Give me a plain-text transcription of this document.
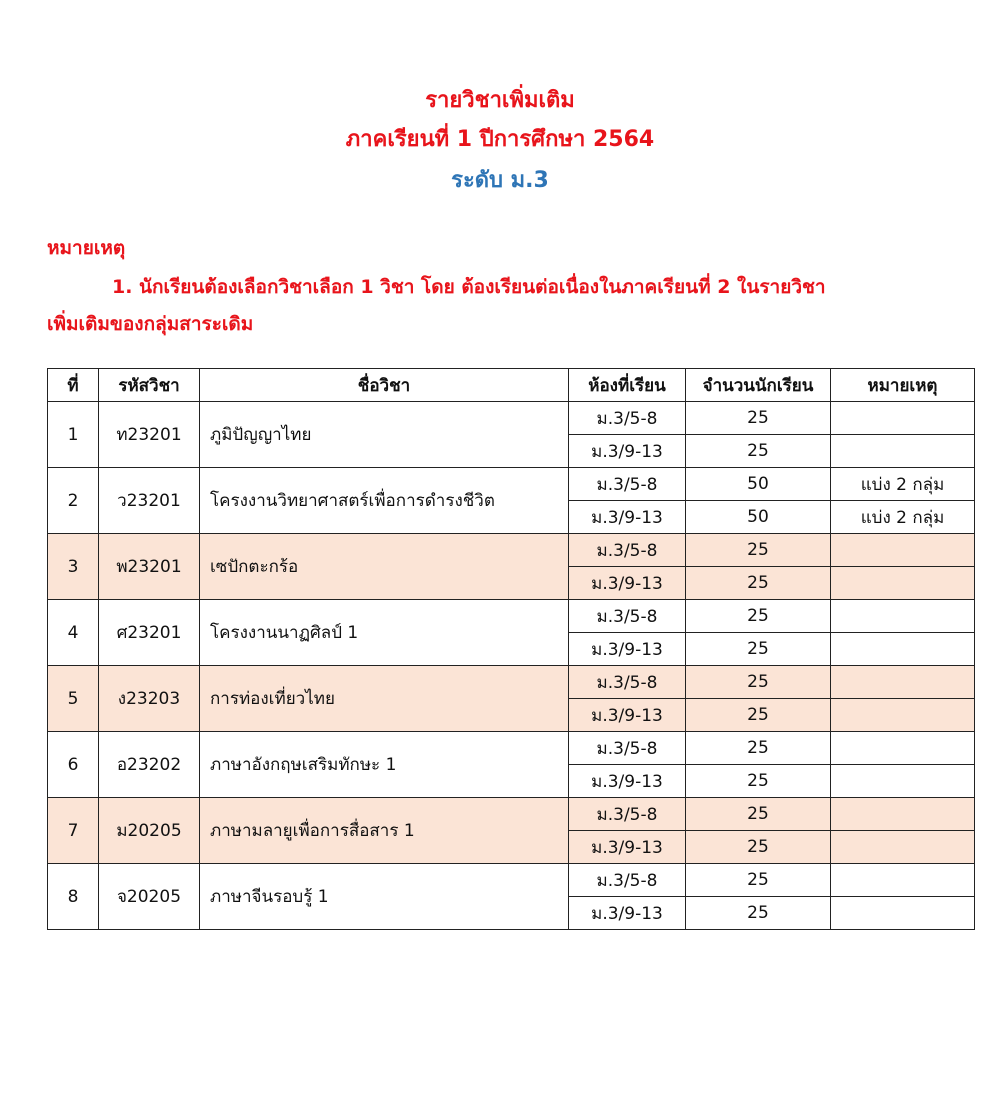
รายวิชาเพิ่มเติม
ภาคเรียนที่ 1 ปีการศึกษา 2564
ระดับ ม.3
หมายเหตุ
1. นักเรียนต้องเลือกวิชาเลือก 1 วิชา โดย ต้องเรียนต่อเนื่องในภาคเรียนที่ 2 ในรายวิชา
เพิ่มเติมของกลุ่มสาระเดิม
ที่	รหัสวิชา	ชื่อวิชา	ห้องที่เรียน	จำนวนนักเรียน	หมายเหตุ
1	ท23201	ภูมิปัญญาไทย	ม.3/5-8	25	
			ม.3/9-13	25	
2	ว23201	โครงงานวิทยาศาสตร์เพื่อการดำรงชีวิต	ม.3/5-8	50	แบ่ง 2 กลุ่ม
			ม.3/9-13	50	แบ่ง 2 กลุ่ม
3	พ23201	เซปักตะกร้อ	ม.3/5-8	25	
			ม.3/9-13	25	
4	ศ23201	โครงงานนาฏศิลป์ 1	ม.3/5-8	25	
			ม.3/9-13	25	
5	ง23203	การท่องเที่ยวไทย	ม.3/5-8	25	
			ม.3/9-13	25	
6	อ23202	ภาษาอังกฤษเสริมทักษะ 1	ม.3/5-8	25	
			ม.3/9-13	25	
7	ม20205	ภาษามลายูเพื่อการสื่อสาร 1	ม.3/5-8	25	
			ม.3/9-13	25	
8	จ20205	ภาษาจีนรอบรู้ 1	ม.3/5-8	25	
			ม.3/9-13	25	
